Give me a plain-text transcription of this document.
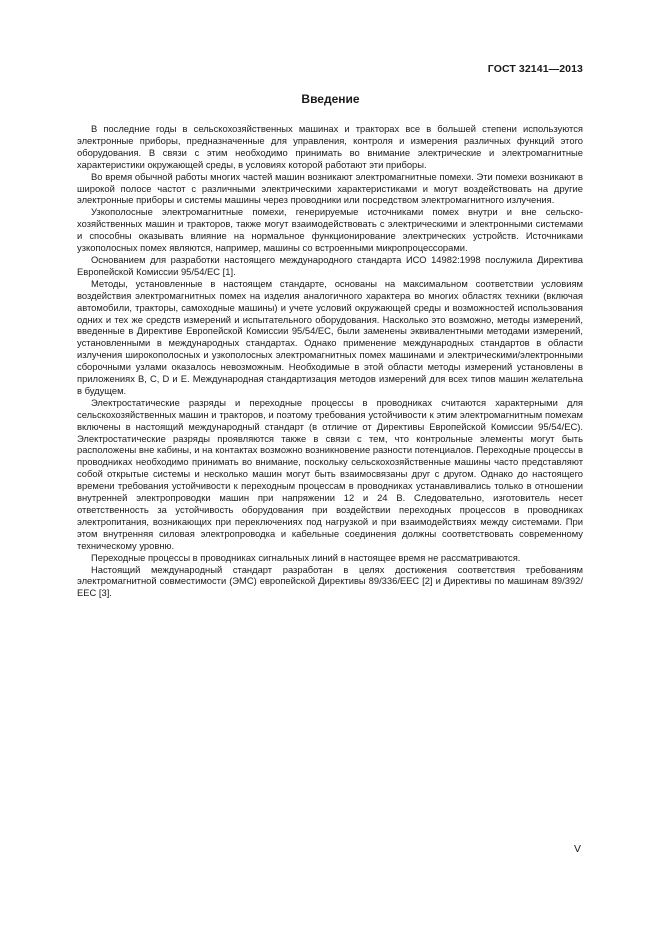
ГОСТ 32141—2013
Введение

В последние годы в сельскохозяйственных машинах и тракторах все в большей степени используются электронные приборы, предназначенные для управления, контроля и измерения различных функций этого оборудования. В связи с этим необходимо принимать во внимание электрические и электромагнитные характеристики окружающей среды, в условиях которой работают эти приборы.

Во время обычной работы многих частей машин возникают электромагнитные помехи. Эти помехи возникают в широкой полосе частот с различными электрическими характеристиками и могут воздействовать на другие электронные приборы и системы машины через проводники или посредством электромагнитного излучения.

Узкополосные электромагнитные помехи, генерируемые источниками помех внутри и вне сельскохозяйственных машин и тракторов, также могут взаимодействовать с электрическими и электронными системами и способны оказывать влияние на нормальное функционирование электрических устройств. Источниками узкополосных помех являются, например, машины со встроенными микропроцессорами.

Основанием для разработки настоящего международного стандарта ИСО 14982:1998 послужила Директива Европейской Комиссии 95/54/ЕС [1].

Методы, установленные в настоящем стандарте, основаны на максимальном соответствии условиям воздействия электромагнитных помех на изделия аналогичного характера во многих областях техники (включая автомобили, тракторы, самоходные машины) и учете условий окружающей среды и возможностей использования одних и тех же средств измерений и испытательного оборудования. Насколько это возможно, методы измерений, введенные в Директиве Европейской Комиссии 95/54/ЕС, были заменены эквивалентными методами измерений, установленными в международных стандартах. Однако применение международных стандартов в области излучения широкополосных и узкополосных электромагнитных помех машинами и электрическими/электронными сборочными узлами оказалось невозможным. Необходимые в этой области методы измерений установлены в приложениях В, С, D и Е. Международная стандартизация методов измерений для всех типов машин желательна в будущем.

Электростатические разряды и переходные процессы в проводниках считаются характерными для сельскохозяйственных машин и тракторов, и поэтому требования устойчивости к этим электромагнитным помехам включены в настоящий международный стандарт (в отличие от Директивы Европейской Комиссии 95/54/ЕС). Электростатические разряды проявляются также в связи с тем, что контрольные элементы могут быть расположены вне кабины, и на контактах возможно возникновение разности потенциалов. Переходные процессы в проводниках необходимо принимать во внимание, поскольку сельскохозяйственные машины часто представляют собой открытые системы и несколько машин могут быть взаимосвязаны друг с другом. Однако до настоящего времени требования устойчивости к переходным процессам в проводниках устанавливались только в отношении внутренней электропроводки машин при напряжении 12 и 24 В. Следовательно, изготовитель несет ответственность за устойчивость оборудования при воздействии переходных процессов в проводниках электропитания, возникающих при переключениях под нагрузкой и при взаимодействиях между системами. При этом внутренняя силовая электропроводка и кабельные соединения должны соответствовать современному техническому уровню.

Переходные процессы в проводниках сигнальных линий в настоящее время не рассматриваются.

Настоящий международный стандарт разработан в целях достижения соответствия требованиям электромагнитной совместимости (ЭМС) европейской Директивы 89/336/ЕЕС [2] и Директивы по машинам 89/392/ЕЕС [3].

V
